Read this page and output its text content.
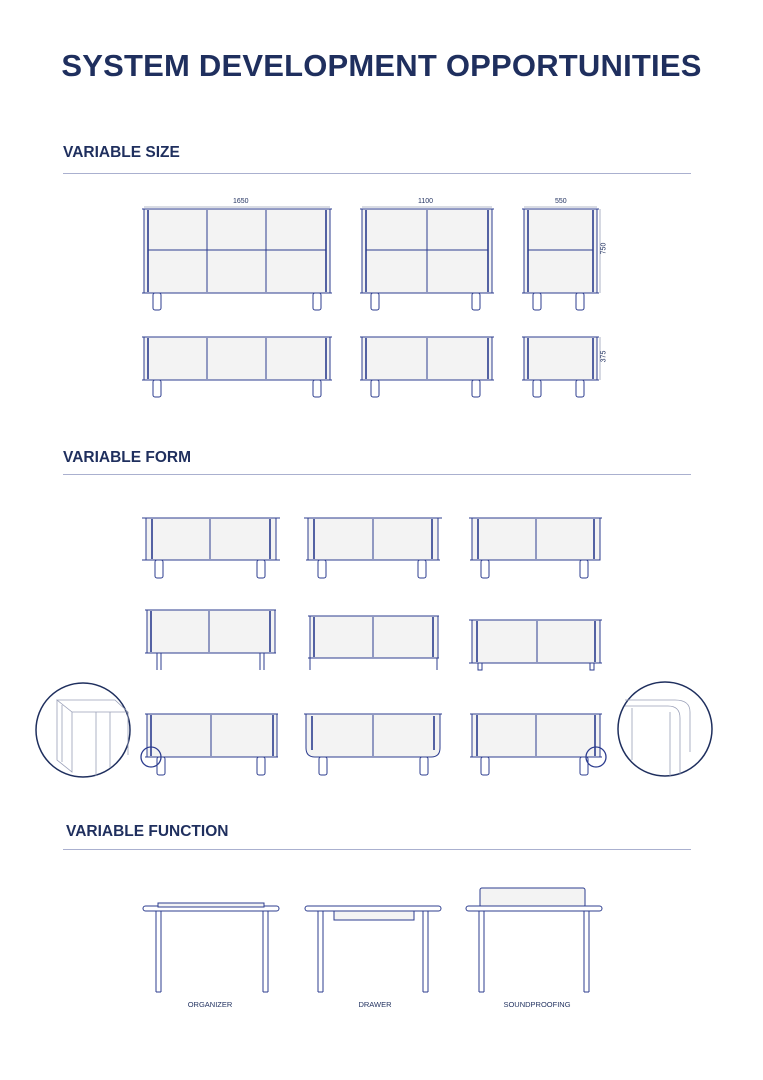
SYSTEM DEVELOPMENT OPPORTUNITIES
VARIABLE SIZE
VARIABLE FORM
VARIABLE FUNCTION
1650	1100	550
750
375
ORGANIZER	DRAWER	SOUNDPROOFING
